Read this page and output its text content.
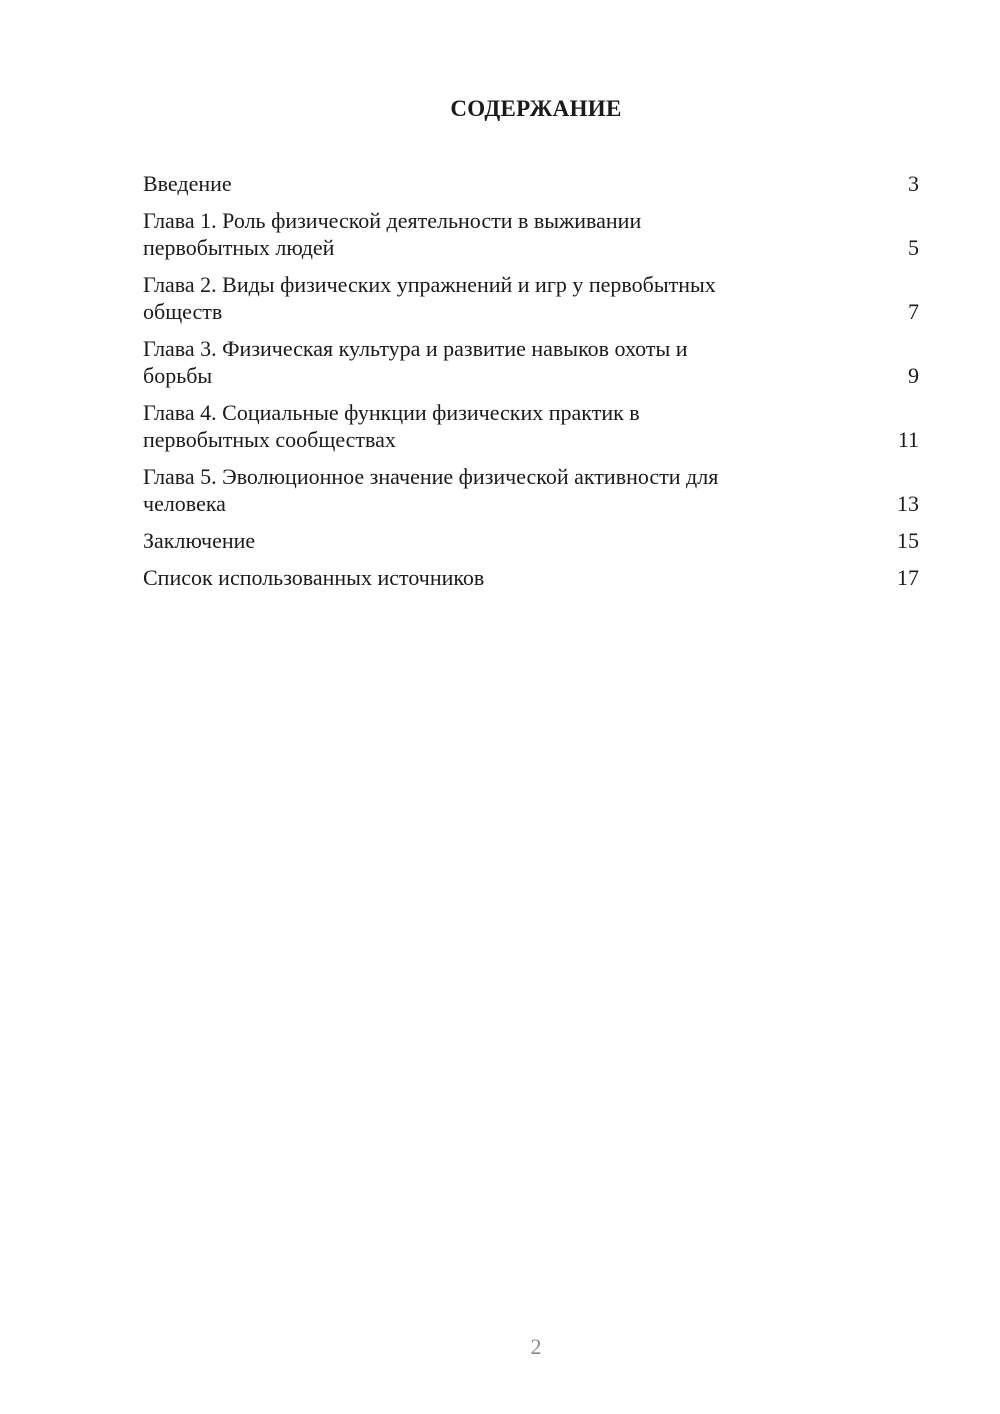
СОДЕРЖАНИЕ
Введение	3
Глава 1. Роль физической деятельности в выживании
первобытных людей	5
Глава 2. Виды физических упражнений и игр у первобытных
обществ	7
Глава 3. Физическая культура и развитие навыков охоты и
борьбы	9
Глава 4. Социальные функции физических практик в
первобытных сообществах	11
Глава 5. Эволюционное значение физической активности для
человека	13
Заключение	15
Список использованных источников	17
2
